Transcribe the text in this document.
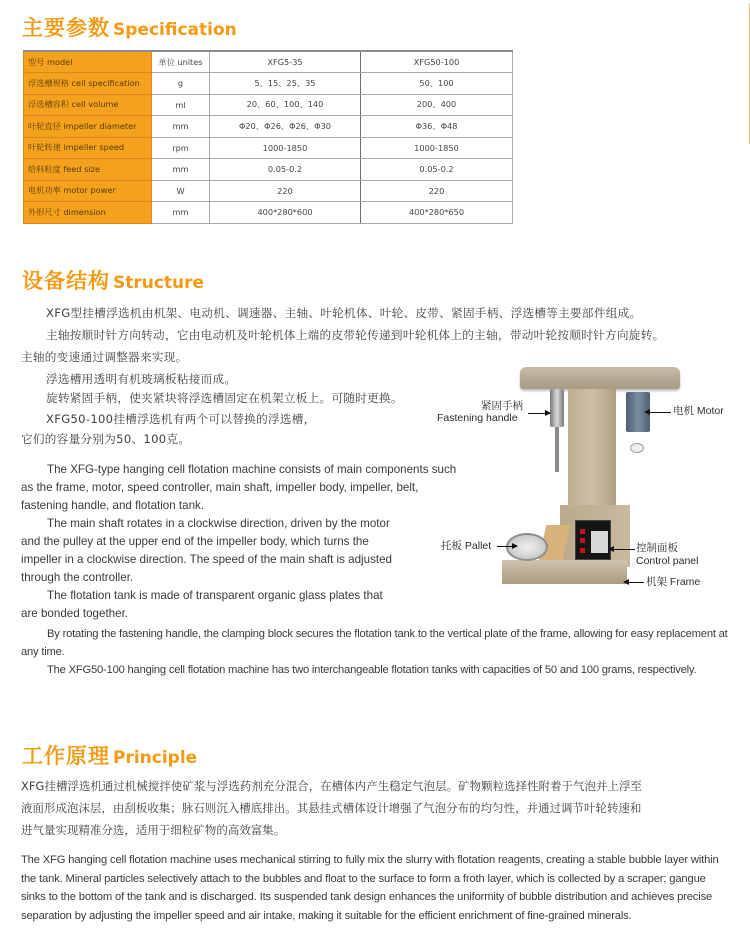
主要参数 Specification
型号 model	单位 unites	XFG5-35	XFG50-100
浮选槽规格 cell specification	g	5、15、25、35	50、100
浮选槽容积 cell volume	ml	20、60、100、140	200、400
叶轮直径 impeller diameter	mm	Φ20、Φ26、Φ26、Φ30	Φ36、Φ48
叶轮转速 impeller speed	rpm	1000-1850	1000-1850
给料粒度 feed size	mm	0.05-0.2	0.05-0.2
电机功率 motor power	W	220	220
外形尺寸 dimension	mm	400*280*600	400*280*650
设备结构 Structure
XFG型挂槽浮选机由机架、电动机、调速器、主轴、叶轮机体、叶轮、皮带、紧固手柄、浮选槽等主要部件组成。
主轴按顺时针方向转动，它由电动机及叶轮机体上端的皮带轮传递到叶轮机体上的主轴，带动叶轮按顺时针方向旋转。
主轴的变速通过调整器来实现。
浮选槽用透明有机玻璃板粘接而成。
旋转紧固手柄，使夹紧块将浮选槽固定在机架立板上。可随时更换。
XFG50-100挂槽浮选机有两个可以替换的浮选槽，
它们的容量分别为50、100克。

The XFG-type hanging cell flotation machine consists of main components such as the frame, motor, speed controller, main shaft, impeller body, impeller, belt, fastening handle, and flotation tank.

The main shaft rotates in a clockwise direction, driven by the motor and the pulley at the upper end of the impeller body, which turns the impeller in a clockwise direction. The speed of the main shaft is adjusted through the controller.

The flotation tank is made of transparent organic glass plates that are bonded together.

By rotating the fastening handle, the clamping block secures the flotation tank to the vertical plate of the frame, allowing for easy replacement at any time.

The XFG50-100 hanging cell flotation machine has two interchangeable flotation tanks with capacities of 50 and 100 grams, respectively.

紧固手柄
Fastening handle
电机 Motor
托板 Pallet	控制面板
Control panel
机架 Frame
工作原理 Principle
XFG挂槽浮选机通过机械搅拌使矿浆与浮选药剂充分混合，在槽体内产生稳定气泡层。矿物颗粒选择性附着于气泡并上浮至
液面形成泡沫层，由刮板收集；脉石则沉入槽底排出。其悬挂式槽体设计增强了气泡分布的均匀性，并通过调节叶轮转速和
进气量实现精准分选，适用于细粒矿物的高效富集。
The XFG hanging cell flotation machine uses mechanical stirring to fully mix the slurry with flotation reagents, creating a stable bubble layer within the tank. Mineral particles selectively attach to the bubbles and float to the surface to form a froth layer, which is collected by a scraper; gangue sinks to the bottom of the tank and is discharged. Its suspended tank design enhances the uniformity of bubble distribution and achieves precise separation by adjusting the impeller speed and air intake, making it suitable for the efficient enrichment of fine-grained minerals.
